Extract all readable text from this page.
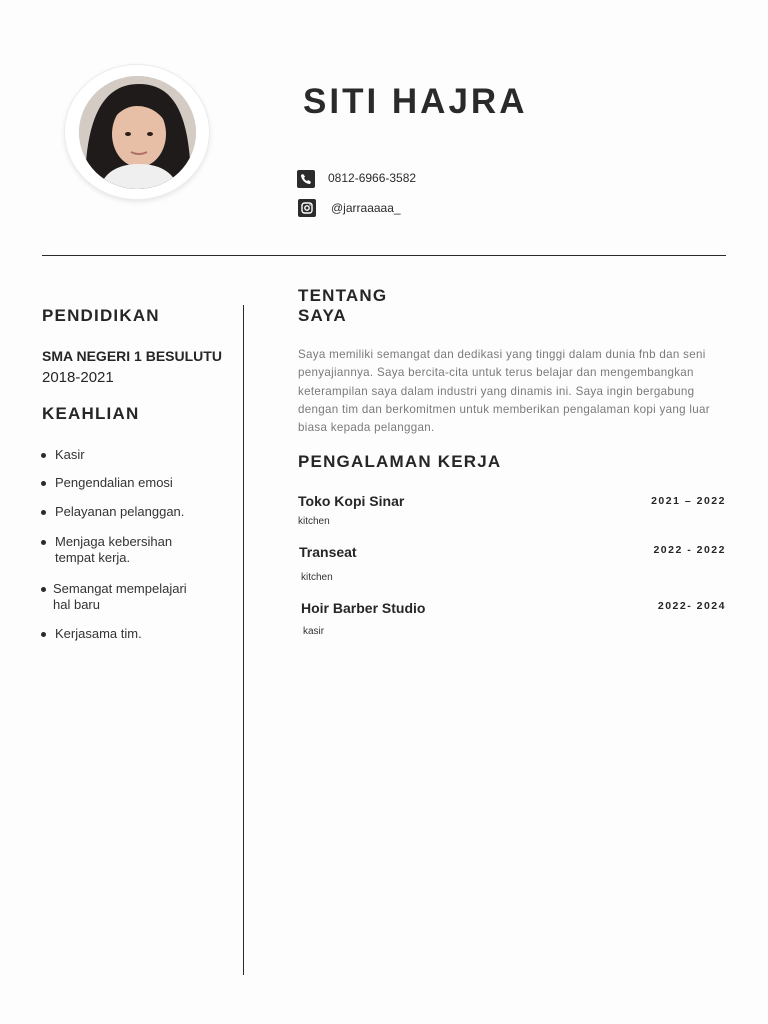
SITI HAJRA
0812-6966-3582
@jarraaaaa_
PENDIDIKAN
SMA NEGERI 1 BESULUTU
2018-2021
KEAHLIAN
Kasir
Pengendalian emosi
Pelayanan pelanggan.
Menjaga kebersihan
tempat kerja.
Semangat mempelajari
hal baru
Kerjasama tim.
TENTANG
SAYA
Saya memiliki semangat dan dedikasi yang tinggi dalam dunia fnb dan seni penyajiannya. Saya bercita-cita untuk terus belajar dan mengembangkan keterampilan saya dalam industri yang dinamis ini. Saya ingin bergabung dengan tim dan berkomitmen untuk memberikan pengalaman kopi yang luar biasa kepada pelanggan.
PENGALAMAN KERJA
Toko Kopi Sinar	2021 – 2022
kitchen
Transeat	2022 - 2022
kitchen
Hoir Barber Studio	2022- 2024
kasir
